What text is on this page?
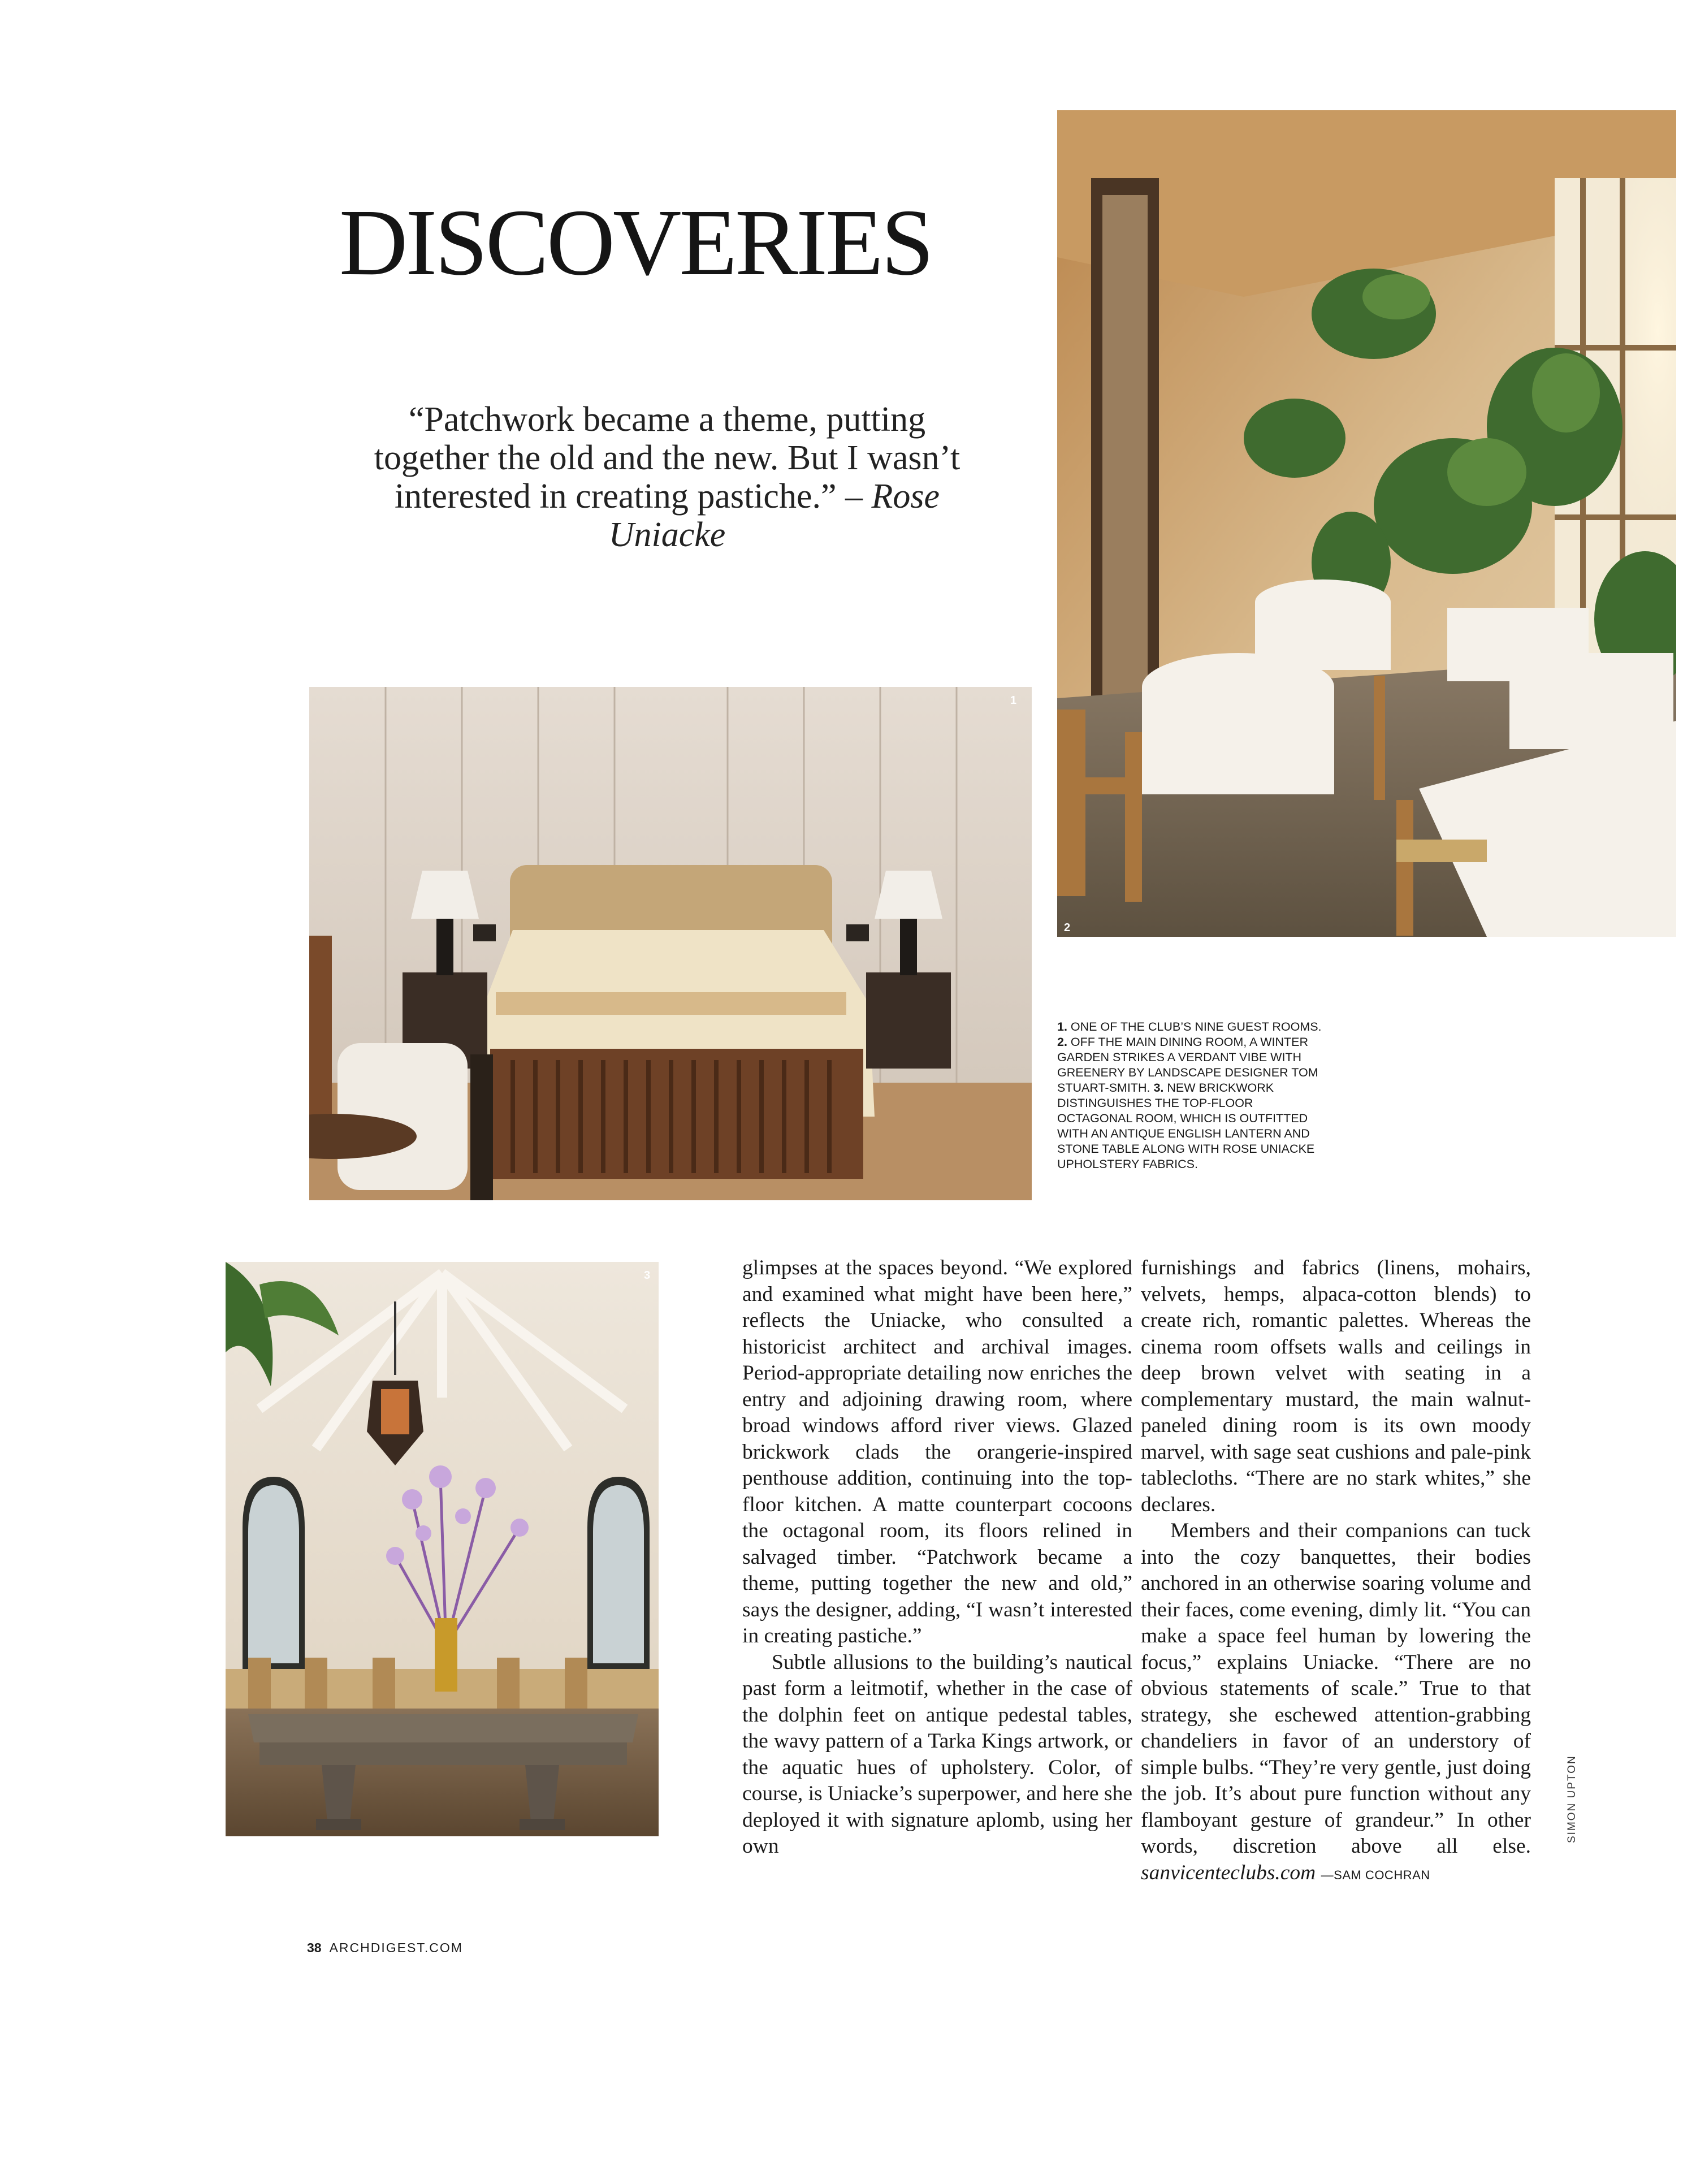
DISCOVERIES

“Patchwork became a theme, putting together the old and the new. But I wasn’t interested in creating pastiche.” – Rose Uniacke

2
1
3

1. ONE OF THE CLUB’S NINE GUEST ROOMS. 2. OFF THE MAIN DINING ROOM, A WINTER GARDEN STRIKES A VERDANT VIBE WITH GREENERY BY LANDSCAPE DESIGNER TOM STUART-SMITH. 3. NEW BRICKWORK DISTINGUISHES THE TOP-FLOOR OCTAGONAL ROOM, WHICH IS OUTFITTED WITH AN ANTIQUE ENGLISH LANTERN AND STONE TABLE ALONG WITH ROSE UNIACKE UPHOLSTERY FABRICS.

glimpses at the spaces beyond. “We explored and examined what might have been here,” reflects the Uniacke, who consulted a historicist architect and archival images. Period-appropriate detailing now enriches the entry and adjoining drawing room, where broad windows afford river views. Glazed brickwork clads the orangerie-inspired penthouse addition, continuing into the top-floor kitchen. A matte counterpart cocoons the octagonal room, its floors relined in salvaged timber. “Patchwork became a theme, putting together the new and old,” says the designer, adding, “I wasn’t interested in creating pastiche.”

Subtle allusions to the building’s nautical past form a leitmotif, whether in the case of the dolphin feet on antique pedestal tables, the wavy pattern of a Tarka Kings artwork, or the aquatic hues of upholstery. Color, of course, is Uniacke’s superpower, and here she deployed it with signature aplomb, using her own

furnishings and fabrics (linens, mohairs, velvets, hemps, alpaca-cotton blends) to create rich, romantic palettes. Whereas the cinema room offsets walls and ceilings in deep brown velvet with seating in a complementary mustard, the main walnut-paneled dining room is its own moody marvel, with sage seat cushions and pale-pink tablecloths. “There are no stark whites,” she declares.

Members and their companions can tuck into the cozy banquettes, their bodies anchored in an otherwise soaring volume and their faces, come evening, dimly lit. “You can make a space feel human by lowering the focus,” explains Uniacke. “There are no obvious statements of scale.” True to that strategy, she eschewed attention-grabbing chandeliers in favor of an understory of simple bulbs. “They’re very gentle, just doing the job. It’s about pure function without any flamboyant gesture of grandeur.” In other words, discretion above all else. sanvicenteclubs.com —SAM COCHRAN

SIMON UPTON
38 ARCHDIGEST.COM
